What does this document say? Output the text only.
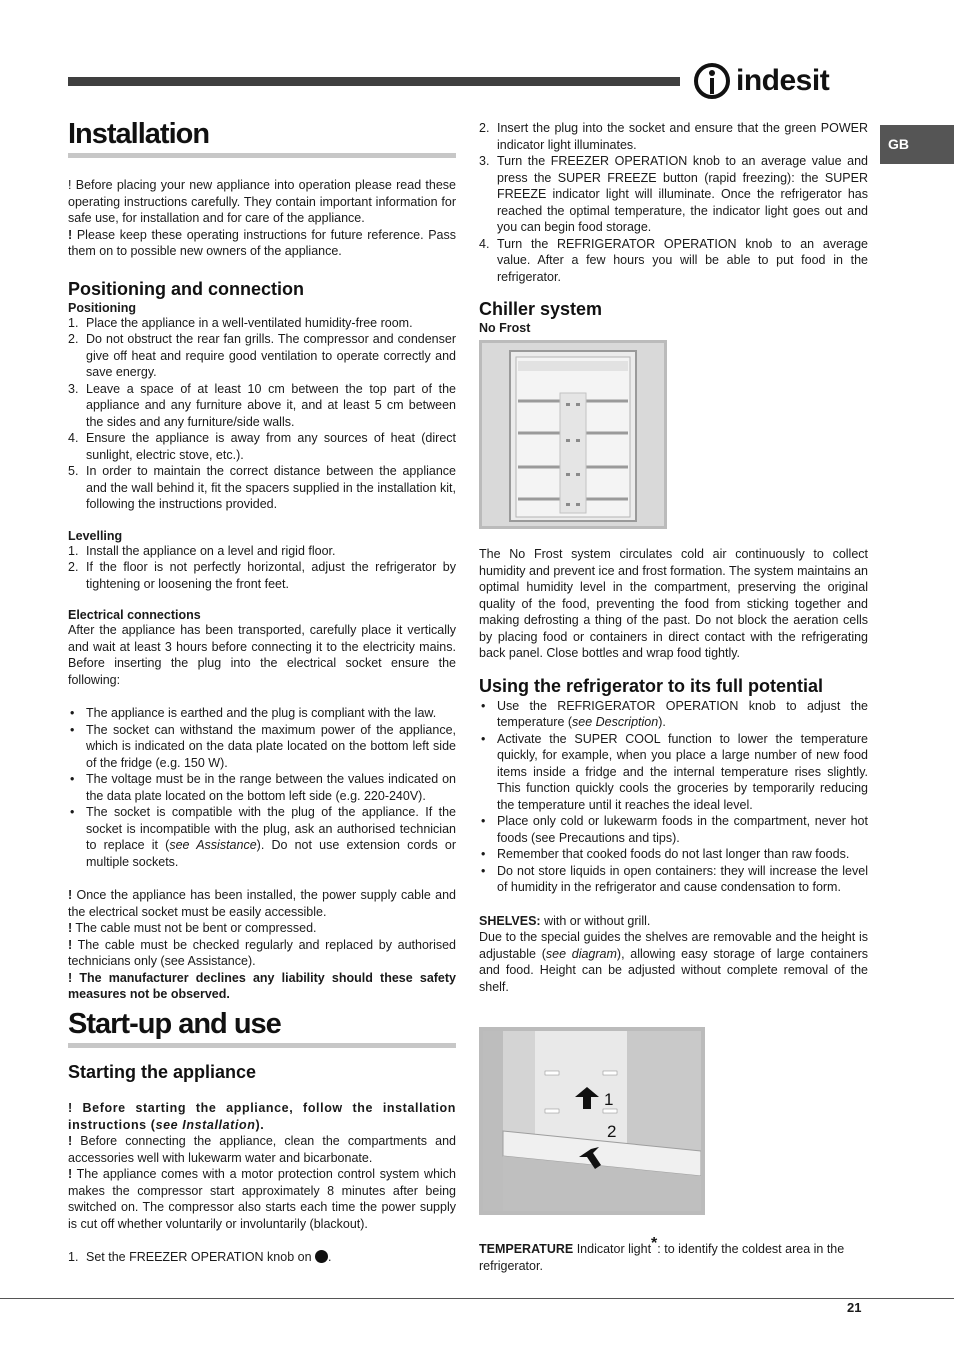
indesit
GB
Installation

! Before placing your new appliance into operation please read these operating instructions carefully. They contain important information for safe use, for installation and for care of the appliance.
! Please keep these operating instructions for future reference. Pass them on to possible new owners of the appliance.

Positioning and connection
Positioning
1. Place the appliance in a well-ventilated humidity-free room.
2. Do not obstruct the rear fan grills. The compressor and condenser give off heat and require good ventilation to operate correctly and save energy.
3. Leave a space of at least 10 cm between the top part of the appliance and any furniture above it, and at least 5 cm between the sides and any furniture/side walls.
4. Ensure the appliance is away from any sources of heat (direct sunlight, electric stove, etc.).
5. In order to maintain the correct distance between the appliance and the wall behind it, fit the spacers supplied in the installation kit, following the instructions provided.
Levelling
1. Install the appliance on a level and rigid floor.
2. If the floor is not perfectly horizontal, adjust the refrigerator by tightening or loosening the front feet.
Electrical connections

After the appliance has been transported, carefully place it vertically and wait at least 3 hours before connecting it to the electricity mains. Before inserting the plug into the electrical socket ensure the following:

• The appliance is earthed and the plug is compliant with the law.
• The socket can withstand the maximum power of the appliance, which is indicated on the data plate located on the bottom left side of the fridge (e.g. 150 W).
• The voltage must be in the range between the values indicated on the data plate located on the bottom left side (e.g. 220-240V).
• The socket is compatible with the plug of the appliance. If the socket is incompatible with the plug, ask an authorised technician to replace it (see Assistance). Do not use extension cords or multiple sockets.

! Once the appliance has been installed, the power supply cable and the electrical socket must be easily accessible.
! The cable must not be bent or compressed.
! The cable must be checked regularly and replaced by authorised technicians only (see Assistance).
! The manufacturer declines any liability should these safety measures not be observed.

Start-up and use
Starting the appliance

! Before starting the appliance, follow the installation instructions (see Installation).
! Before connecting the appliance, clean the compartments and accessories well with lukewarm water and bicarbonate.
! The appliance comes with a motor protection control system which makes the compressor start approximately 8 minutes after being switched on. The compressor also starts each time the power supply is cut off whether voluntarily or involuntarily (blackout).

1. Set the FREEZER OPERATION knob on .
2. Insert the plug into the socket and ensure that the green POWER indicator light illuminates.
3. Turn the FREEZER OPERATION knob to an average value and press the SUPER FREEZE button (rapid freezing): the SUPER FREEZE indicator light will illuminate. Once the refrigerator has reached the optimal temperature, the indicator light goes out and you can begin food storage.
4. Turn the REFRIGERATOR OPERATION knob to an average value. After a few hours you will be able to put food in the refrigerator.
Chiller system
No Frost

The No Frost system circulates cold air continuously to collect humidity and prevent ice and frost formation. The system maintains an optimal humidity level in the compartment, preserving the original quality of the food, preventing the food from sticking together and making defrosting a thing of the past. Do not block the aeration cells by placing food or containers in direct contact with the refrigerating back panel. Close bottles and wrap food tightly.

Using the refrigerator to its full potential
• Use the REFRIGERATOR OPERATION knob to adjust the temperature (see Description).
• Activate the SUPER COOL function to lower the temperature quickly, for example, when you place a large number of new food items inside a fridge and the internal temperature rises slightly. This function quickly cools the groceries by temporarily reducing the temperature until it reaches the ideal level.
• Place only cold or lukewarm foods in the compartment, never hot foods (see Precautions and tips).
• Remember that cooked foods do not last longer than raw foods.
• Do not store liquids in open containers: they will increase the level of humidity in the refrigerator and cause condensation to form.

SHELVES: with or without grill.
Due to the special guides the shelves are removable and the height is adjustable (see diagram), allowing easy storage of large containers and food. Height can be adjusted without complete removal of the shelf.

1
2

TEMPERATURE Indicator light*: to identify the coldest area in the refrigerator.

21
